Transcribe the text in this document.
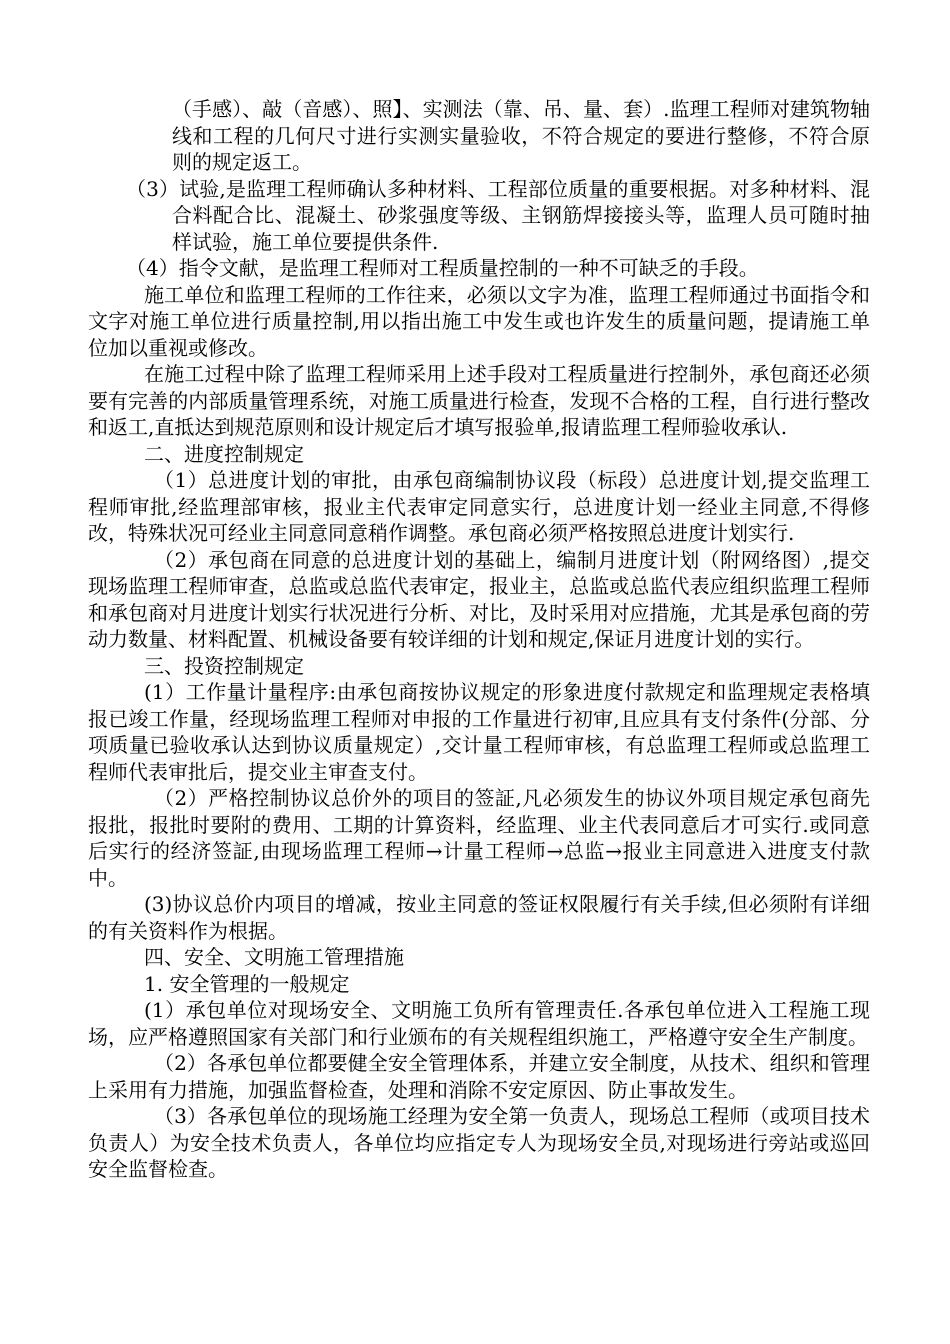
（手感）、敲（音感）、照】、实测法（靠、吊、量、套）.监理工程师对建筑物轴线和工程的几何尺寸进行实测实量验收，不符合规定的要进行整修，不符合原则的规定返工。

（3）试验,是监理工程师确认多种材料、工程部位质量的重要根据。对多种材料、混合料配合比、混凝土、砂浆强度等级、主钢筋焊接接头等，监理人员可随时抽样试验，施工单位要提供条件.

（4）指令文献，是监理工程师对工程质量控制的一种不可缺乏的手段。

施工单位和监理工程师的工作往来，必须以文字为准，监理工程师通过书面指令和文字对施工单位进行质量控制,用以指出施工中发生或也许发生的质量问题，提请施工单位加以重视或修改。

在施工过程中除了监理工程师采用上述手段对工程质量进行控制外，承包商还必须要有完善的内部质量管理系统，对施工质量进行检查，发现不合格的工程，自行进行整改和返工,直抵达到规范原则和设计规定后才填写报验单,报请监理工程师验收承认.

二、进度控制规定

（1）总进度计划的审批，由承包商编制协议段（标段）总进度计划,提交监理工程师审批,经监理部审核，报业主代表审定同意实行，总进度计划一经业主同意,不得修改，特殊状况可经业主同意同意稍作调整。承包商必须严格按照总进度计划实行.

（2）承包商在同意的总进度计划的基础上，编制月进度计划（附网络图）,提交现场监理工程师审查，总监或总监代表审定，报业主，总监或总监代表应组织监理工程师和承包商对月进度计划实行状况进行分析、对比，及时采用对应措施，尤其是承包商的劳动力数量、材料配置、机械设备要有较详细的计划和规定,保证月进度计划的实行。

三、投资控制规定

(1）工作量计量程序:由承包商按协议规定的形象进度付款规定和监理规定表格填报已竣工作量，经现场监理工程师对申报的工作量进行初审,且应具有支付条件(分部、分项质量已验收承认达到协议质量规定）,交计量工程师审核，有总监理工程师或总监理工程师代表审批后，提交业主审查支付。

（2）严格控制协议总价外的项目的签証,凡必须发生的协议外项目规定承包商先报批，报批时要附的费用、工期的计算资料，经监理、业主代表同意后才可实行.或同意后实行的经济签証,由现场监理工程师→计量工程师→总监→报业主同意进入进度支付款中。

(3)协议总价内项目的增减，按业主同意的签证权限履行有关手续,但必须附有详细的有关资料作为根据。

四、安全、文明施工管理措施

1. 安全管理的一般规定

(1）承包单位对现场安全、文明施工负所有管理责任.各承包单位进入工程施工现场，应严格遵照国家有关部门和行业颁布的有关规程组织施工，严格遵守安全生产制度。

（2）各承包单位都要健全安全管理体系，并建立安全制度，从技术、组织和管理上采用有力措施，加强监督检查，处理和消除不安定原因、防止事故发生。

（3）各承包单位的现场施工经理为安全第一负责人，现场总工程师（或项目技术负责人）为安全技术负责人，各单位均应指定专人为现场安全员,对现场进行旁站或巡回安全监督检查。
